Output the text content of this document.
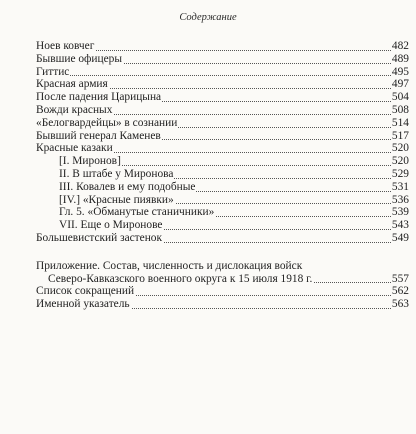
Содержание
Ноев ковчег	482
Бывшие офицеры	489
Гиттис	495
Красная армия	497
После падения Царицына	504
Вожди красных	508
«Белогвардейцы» в сознании	514
Бывший генерал Каменев	517
Красные казаки	520
[I. Миронов]	520
II. В штабе у Миронова	529
III. Ковалев и ему подобные	531
[IV.] «Красные пиявки»	536
Гл. 5. «Обманутые станичники»	539
VII. Еще о Миронове	543
Большевистский застенок	549
Приложение. Состав, численность и дислокация войск
Северо-Кавказского военного округа к 15 июля 1918 г.	557
Список сокращений	562
Именной указатель	563
